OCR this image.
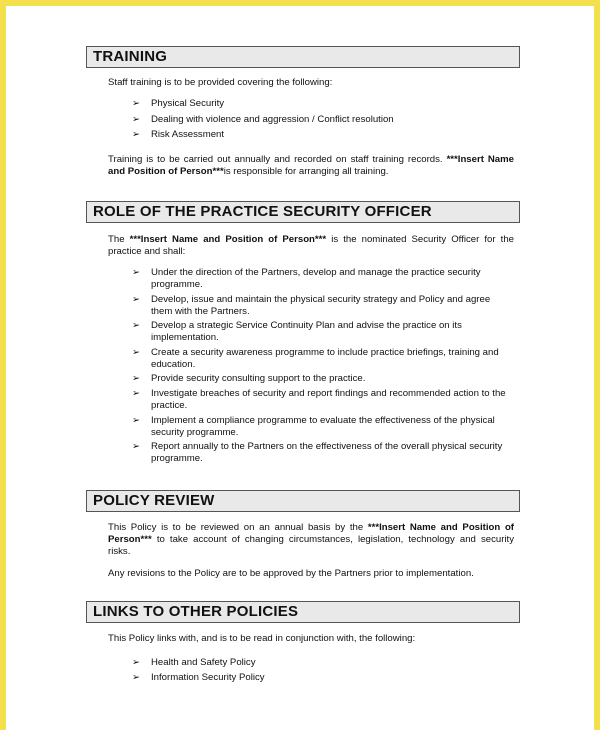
TRAINING
Staff training is to be provided covering the following:
➢	Physical Security
➢	Dealing with violence and aggression / Conflict resolution
➢	Risk Assessment
Training is to be carried out annually and recorded on staff training records. ***Insert Name and Position of Person***is responsible for arranging all training.
ROLE OF THE PRACTICE SECURITY OFFICER
The ***Insert Name and Position of Person*** is the nominated Security Officer for the practice and shall:
➢	Under the direction of the Partners, develop and manage the practice security programme.
➢	Develop, issue and maintain the physical security strategy and Policy and agree them with the Partners.
➢	Develop a strategic Service Continuity Plan and advise the practice on its implementation.
➢	Create a security awareness programme to include practice briefings, training and education.
➢	Provide security consulting support to the practice.
➢	Investigate breaches of security and report findings and recommended action to the practice.
➢	Implement a compliance programme to evaluate the effectiveness of the physical security programme.
➢	Report annually to the Partners on the effectiveness of the overall physical security programme.
POLICY REVIEW
This Policy is to be reviewed on an annual basis by the ***Insert Name and Position of Person*** to take account of changing circumstances, legislation, technology and security risks.
Any revisions to the Policy are to be approved by the Partners prior to implementation.
LINKS TO OTHER POLICIES
This Policy links with, and is to be read in conjunction with, the following:
➢	Health and Safety Policy
➢	Information Security Policy
